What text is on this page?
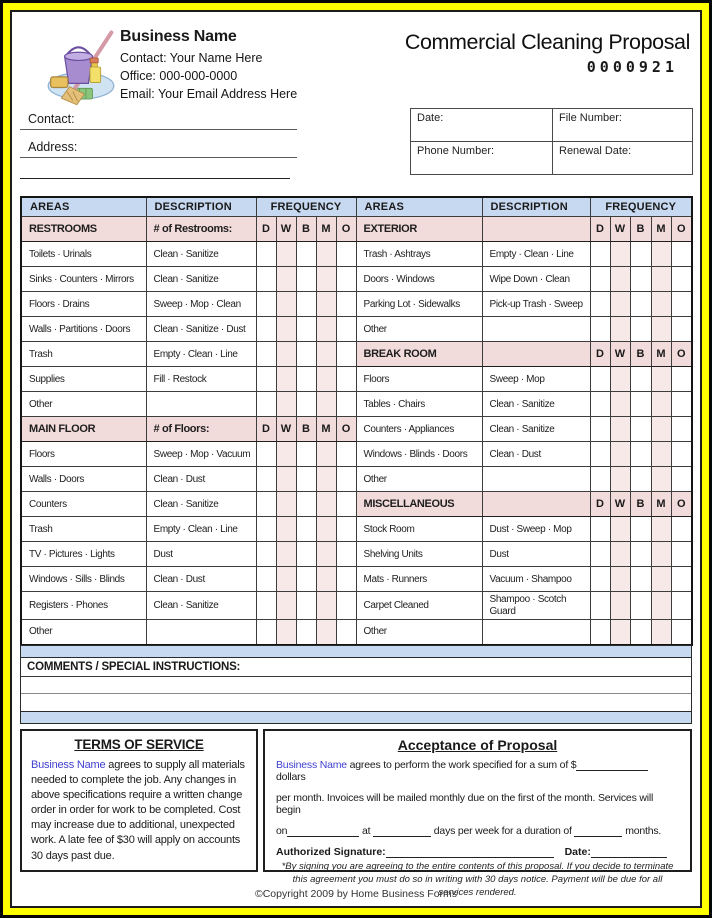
Business Name
Contact: Your Name Here
Office: 000-000-0000
Email: Your Email Address Here
Commercial Cleaning Proposal
0000921
Contact:
Address:
Date:	File Number:
Phone Number:	Renewal Date:
AREAS	DESCRIPTION	FREQUENCY					AREAS	DESCRIPTION	FREQUENCY				
RESTROOMS	# of Restrooms:	D	W	B	M	O	EXTERIOR		D	W	B	M	O
Toilets · Urinals	Clean · Sanitize						Trash · Ashtrays	Empty · Clean · Line					
Sinks · Counters · Mirrors	Clean · Sanitize						Doors · Windows	Wipe Down · Clean					
Floors · Drains	Sweep · Mop · Clean						Parking Lot · Sidewalks	Pick-up Trash · Sweep					
Walls · Partitions · Doors	Clean · Sanitize · Dust						Other						
Trash	Empty · Clean · Line						BREAK ROOM		D	W	B	M	O
Supplies	Fill · Restock						Floors	Sweep · Mop					
Other							Tables · Chairs	Clean · Sanitize					
MAIN FLOOR	# of Floors:	D	W	B	M	O	Counters · Appliances	Clean · Sanitize					
Floors	Sweep · Mop · Vacuum						Windows · Blinds · Doors	Clean · Dust					
Walls · Doors	Clean · Dust						Other						
Counters	Clean · Sanitize						MISCELLANEOUS		D	W	B	M	O
Trash	Empty · Clean · Line						Stock Room	Dust · Sweep · Mop					
TV · Pictures · Lights	Dust						Shelving Units	Dust					
Windows · Sills · Blinds	Clean · Dust						Mats · Runners	Vacuum · Shampoo					
Registers · Phones	Clean · Sanitize						Carpet Cleaned	Shampoo · Scotch Guard					
Other							Other						
COMMENTS / SPECIAL INSTRUCTIONS:
TERMS OF SERVICE
Business Name agrees to supply all materials needed to complete the job. Any changes in above specifications require a written change order in order for work to be completed. Cost may increase due to additional, unexpected work. A late fee of $30 will apply on accounts 30 days past due.
Acceptance of Proposal
Business Name agrees to perform the work specified for a sum of $ dollars
per month. Invoices will be mailed monthly due on the first of the month. Services will begin
on	at	days per week for a duration of	months.
Authorized Signature:	Date:
*By signing you are agreeing to the entire contents of this proposal. If you decide to terminate this agreement you must do so in writing with 30 days notice. Payment will be due for all services rendered.
©Copyright 2009 by Home Business Forms
